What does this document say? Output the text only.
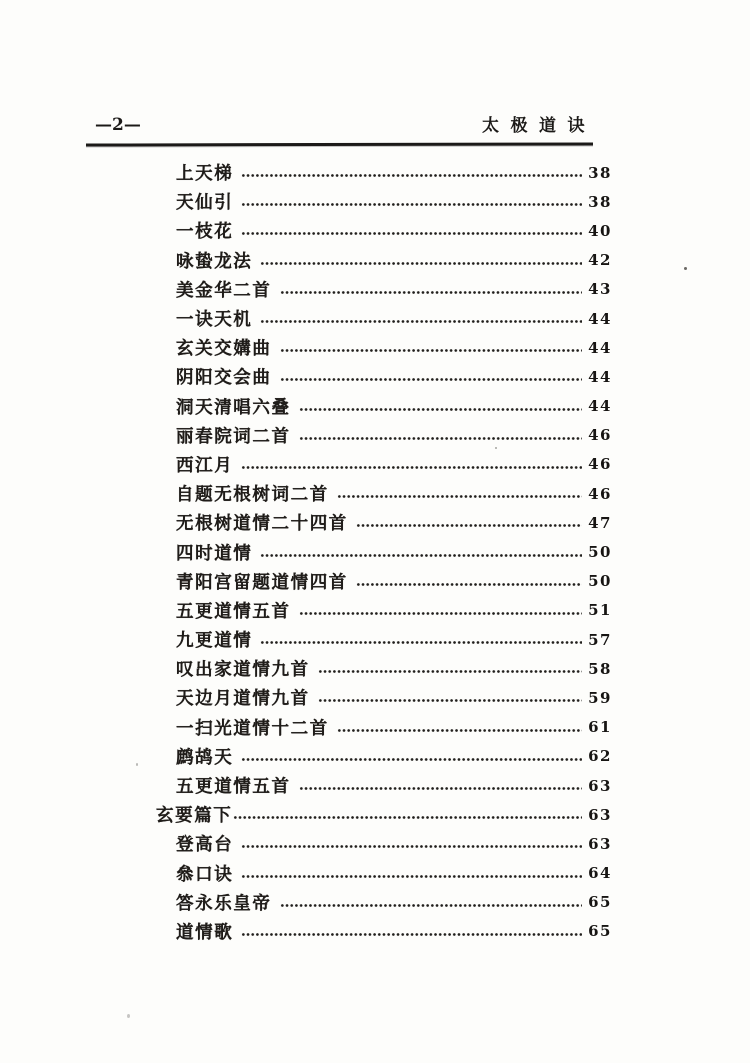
—2—	太极道诀
上天梯	38
天仙引	38
一枝花	40
咏蛰龙法	42
美金华二首	43
一诀天机	44
玄关交媾曲	44
阴阳交会曲	44
洞天清唱六叠	44
丽春院词二首	46
西江月	46
自题无根树词二首	46
无根树道情二十四首	47
四时道情	50
青阳宫留题道情四首	50
五更道情五首	51
九更道情	57
叹出家道情九首	58
天边月道情九首	59
一扫光道情十二首	61
鹧鸪天	62
五更道情五首	63
玄要篇下	63
登高台	63
叅口诀	64
答永乐皇帝	65
道情歌	65
